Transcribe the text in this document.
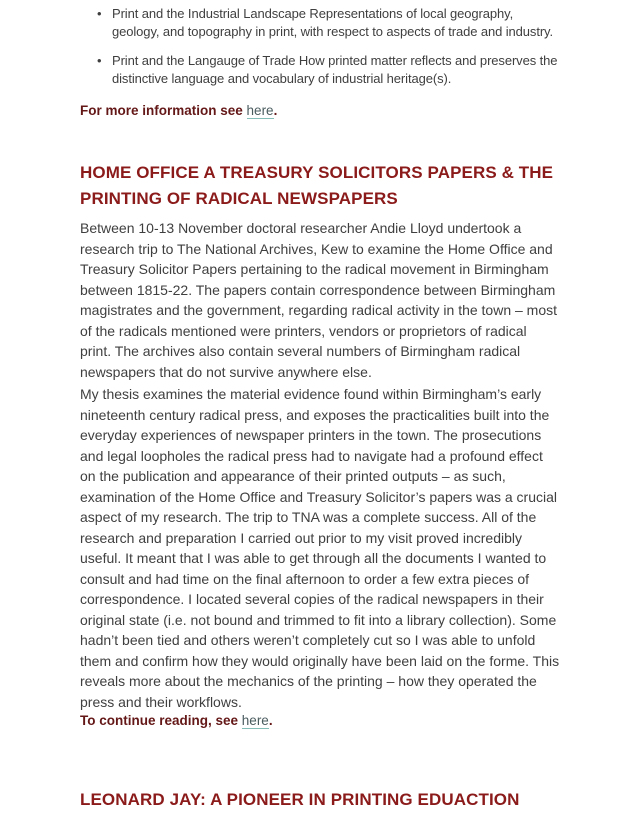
• Print and the Industrial Landscape Representations of local geography, geology, and topography in print, with respect to aspects of trade and industry.
• Print and the Langauge of Trade How printed matter reflects and preserves the distinctive language and vocabulary of industrial heritage(s).

For more information see here.

HOME OFFICE A TREASURY SOLICITORS PAPERS & THE PRINTING OF RADICAL NEWSPAPERS

Between 10-13 November doctoral researcher Andie Lloyd undertook a research trip to The National Archives, Kew to examine the Home Office and Treasury Solicitor Papers pertaining to the radical movement in Birmingham between 1815-22. The papers contain correspondence between Birmingham magistrates and the government, regarding radical activity in the town – most of the radicals mentioned were printers, vendors or proprietors of radical print. The archives also contain several numbers of Birmingham radical newspapers that do not survive anywhere else.

My thesis examines the material evidence found within Birmingham’s early nineteenth century radical press, and exposes the practicalities built into the everyday experiences of newspaper printers in the town. The prosecutions and legal loopholes the radical press had to navigate had a profound effect on the publication and appearance of their printed outputs – as such, examination of the Home Office and Treasury Solicitor’s papers was a crucial aspect of my research. The trip to TNA was a complete success. All of the research and preparation I carried out prior to my visit proved incredibly useful. It meant that I was able to get through all the documents I wanted to consult and had time on the final afternoon to order a few extra pieces of correspondence. I located several copies of the radical newspapers in their original state (i.e. not bound and trimmed to fit into a library collection). Some hadn’t been tied and others weren’t completely cut so I was able to unfold them and confirm how they would originally have been laid on the forme. This reveals more about the mechanics of the printing – how they operated the press and their workflows.

To continue reading, see here.

LEONARD JAY: A PIONEER IN PRINTING EDUACTION
